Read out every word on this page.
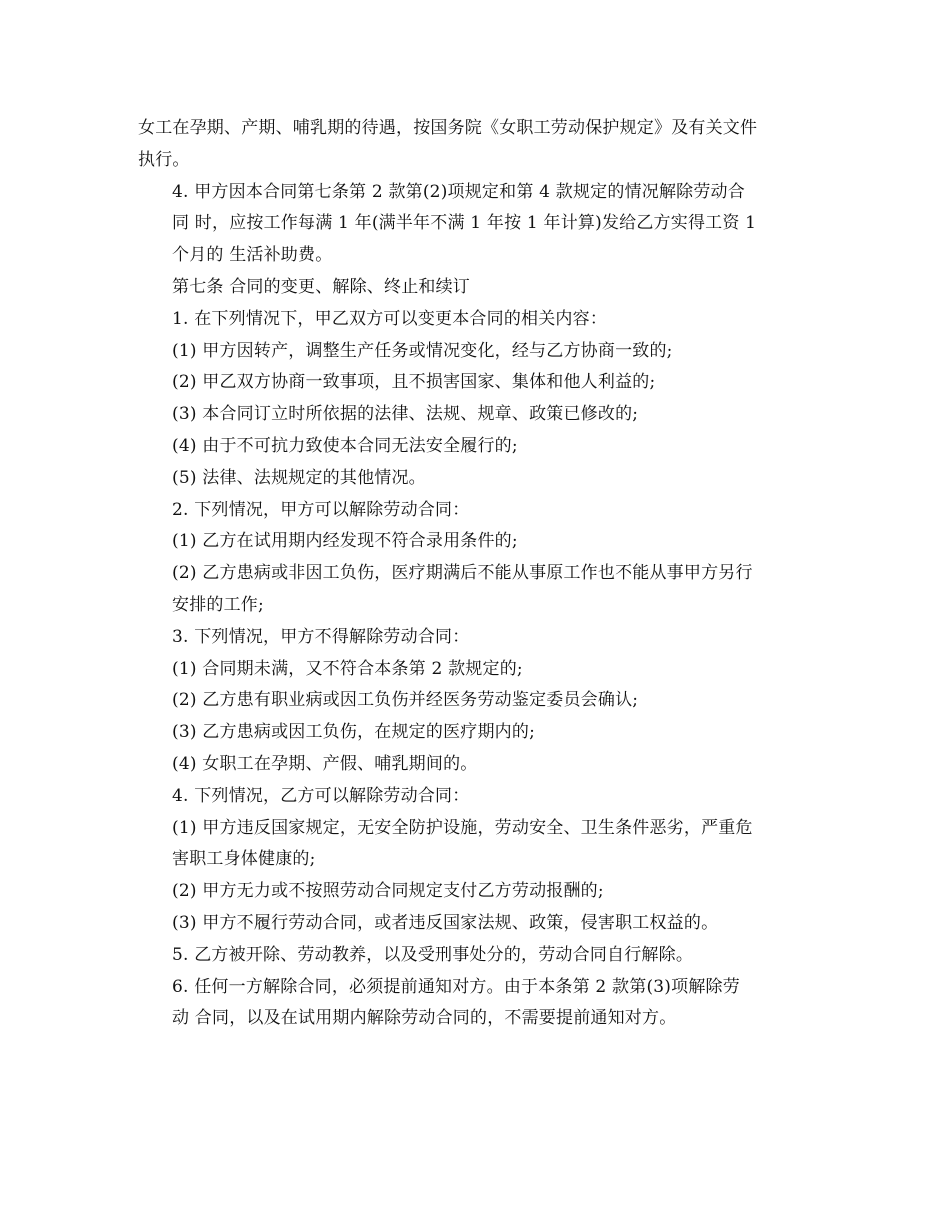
女工在孕期、产期、哺乳期的待遇，按国务院《女职工劳动保护规定》及有关文件
执行。

4. 甲方因本合同第七条第 2 款第(2)项规定和第 4 款规定的情况解除劳动合
同 时，应按工作每满 1 年(满半年不满 1 年按 1 年计算)发给乙方实得工资 1
个月的 生活补助费。

第七条 合同的变更、解除、终止和续订

1. 在下列情况下，甲乙双方可以变更本合同的相关内容：

(1) 甲方因转产，调整生产任务或情况变化，经与乙方协商一致的;

(2) 甲乙双方协商一致事项，且不损害国家、集体和他人利益的;

(3) 本合同订立时所依据的法律、法规、规章、政策已修改的;

(4) 由于不可抗力致使本合同无法安全履行的;

(5) 法律、法规规定的其他情况。

2. 下列情况，甲方可以解除劳动合同：

(1) 乙方在试用期内经发现不符合录用条件的;

(2) 乙方患病或非因工负伤，医疗期满后不能从事原工作也不能从事甲方另行
安排的工作;

3. 下列情况，甲方不得解除劳动合同：

(1) 合同期未满，又不符合本条第 2 款规定的;

(2) 乙方患有职业病或因工负伤并经医务劳动鉴定委员会确认;

(3) 乙方患病或因工负伤，在规定的医疗期内的;

(4) 女职工在孕期、产假、哺乳期间的。

4. 下列情况，乙方可以解除劳动合同：

(1) 甲方违反国家规定，无安全防护设施，劳动安全、卫生条件恶劣，严重危
害职工身体健康的;

(2) 甲方无力或不按照劳动合同规定支付乙方劳动报酬的;

(3) 甲方不履行劳动合同，或者违反国家法规、政策，侵害职工权益的。

5. 乙方被开除、劳动教养，以及受刑事处分的，劳动合同自行解除。

6. 任何一方解除合同，必须提前通知对方。由于本条第 2 款第(3)项解除劳
动 合同，以及在试用期内解除劳动合同的，不需要提前通知对方。
